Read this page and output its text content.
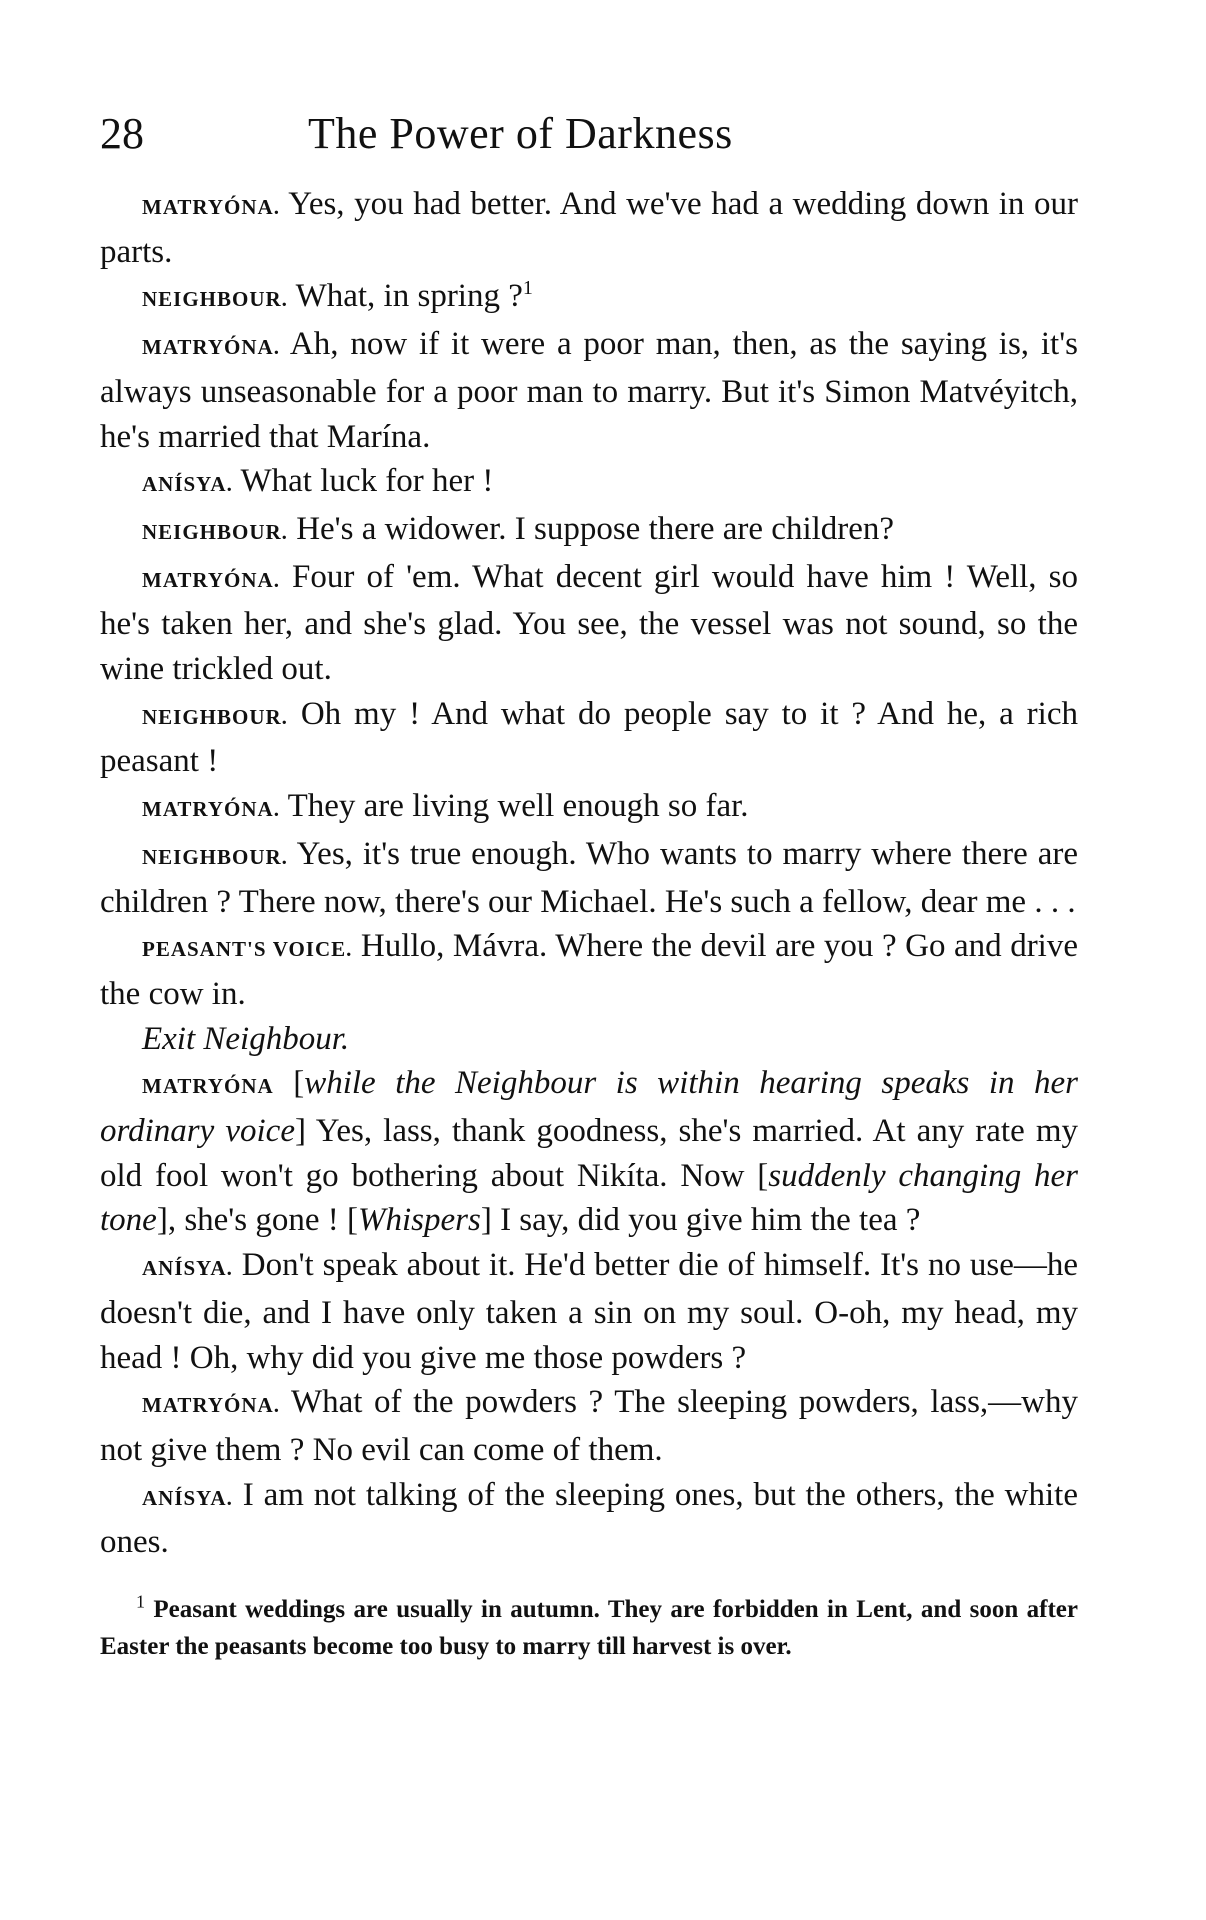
28	The Power of Darkness

MATRYÓNA. Yes, you had better. And we've had a wedding down in our parts.

NEIGHBOUR. What, in spring ?$^1$

MATRYÓNA. Ah, now if it were a poor man, then, as the saying is, it's always unseasonable for a poor man to marry. But it's Simon Matvéyitch, he's married that Marína.

ANÍSYA. What luck for her !

NEIGHBOUR. He's a widower. I suppose there are children?

MATRYÓNA. Four of 'em. What decent girl would have him ! Well, so he's taken her, and she's glad. You see, the vessel was not sound, so the wine trickled out.

NEIGHBOUR. Oh my ! And what do people say to it ? And he, a rich peasant !

MATRYÓNA. They are living well enough so far.

NEIGHBOUR. Yes, it's true enough. Who wants to marry where there are children ? There now, there's our Michael. He's such a fellow, dear me . . .

PEASANT'S VOICE. Hullo, Mávra. Where the devil are you ? Go and drive the cow in.

Exit Neighbour.

MATRYÓNA [while the Neighbour is within hearing speaks in her ordinary voice] Yes, lass, thank goodness, she's married. At any rate my old fool won't go bothering about Nikíta. Now [suddenly changing her tone], she's gone ! [Whispers] I say, did you give him the tea ?

ANÍSYA. Don't speak about it. He'd better die of himself. It's no use—he doesn't die, and I have only taken a sin on my soul. O-oh, my head, my head ! Oh, why did you give me those powders ?

MATRYÓNA. What of the powders ? The sleeping powders, lass,—why not give them ? No evil can come of them.

ANÍSYA. I am not talking of the sleeping ones, but the others, the white ones.

$^1$ Peasant weddings are usually in autumn. They are forbidden in Lent, and soon after Easter the peasants become too busy to marry till harvest is over.
